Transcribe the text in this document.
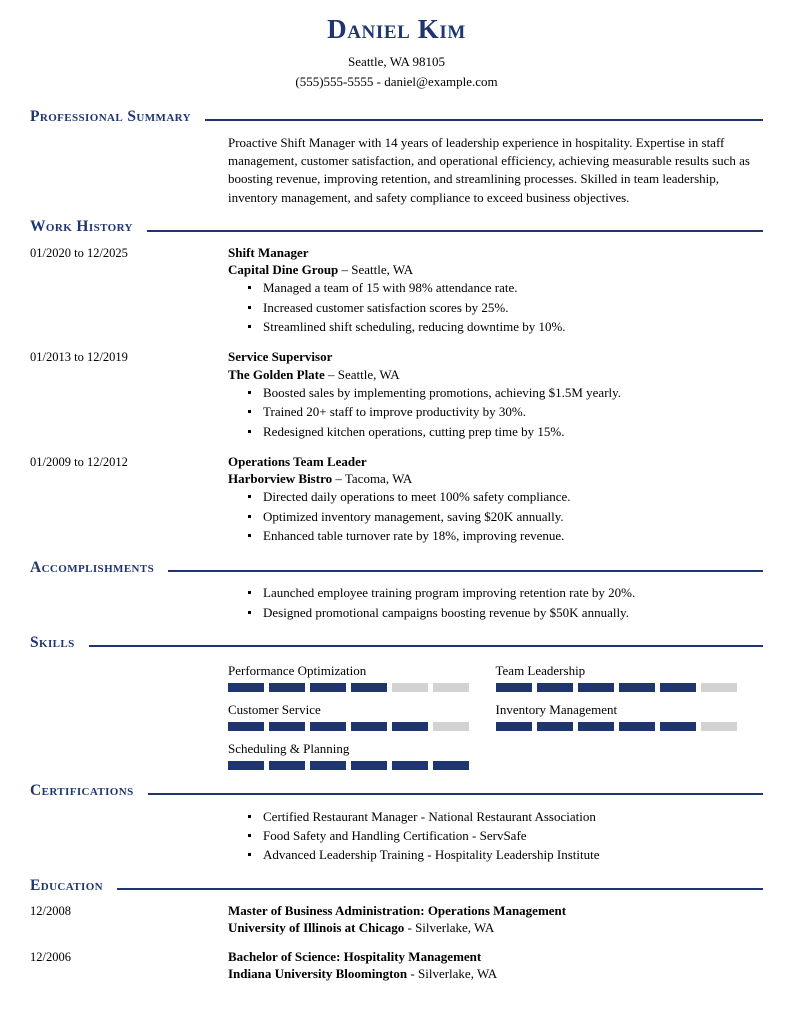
Daniel Kim
Seattle, WA 98105
(555)555-5555 - daniel@example.com
Professional Summary
Proactive Shift Manager with 14 years of leadership experience in hospitality. Expertise in staff management, customer satisfaction, and operational efficiency, achieving measurable results such as boosting revenue, improving retention, and streamlining processes. Skilled in team leadership, inventory management, and safety compliance to exceed business objectives.
Work History
01/2020 to 12/2025	Shift Manager
Capital Dine Group – Seattle, WA
Managed a team of 15 with 98% attendance rate.
Increased customer satisfaction scores by 25%.
Streamlined shift scheduling, reducing downtime by 10%.
01/2013 to 12/2019	Service Supervisor
The Golden Plate – Seattle, WA
Boosted sales by implementing promotions, achieving $1.5M yearly.
Trained 20+ staff to improve productivity by 30%.
Redesigned kitchen operations, cutting prep time by 15%.
01/2009 to 12/2012	Operations Team Leader
Harborview Bistro – Tacoma, WA
Directed daily operations to meet 100% safety compliance.
Optimized inventory management, saving $20K annually.
Enhanced table turnover rate by 18%, improving revenue.
Accomplishments
Launched employee training program improving retention rate by 20%.
Designed promotional campaigns boosting revenue by $50K annually.
Skills
Performance Optimization	Team Leadership
Customer Service	Inventory Management
Scheduling & Planning
Certifications
Certified Restaurant Manager - National Restaurant Association
Food Safety and Handling Certification - ServSafe
Advanced Leadership Training - Hospitality Leadership Institute
Education
12/2008	Master of Business Administration: Operations Management
University of Illinois at Chicago - Silverlake, WA
12/2006	Bachelor of Science: Hospitality Management
Indiana University Bloomington - Silverlake, WA
